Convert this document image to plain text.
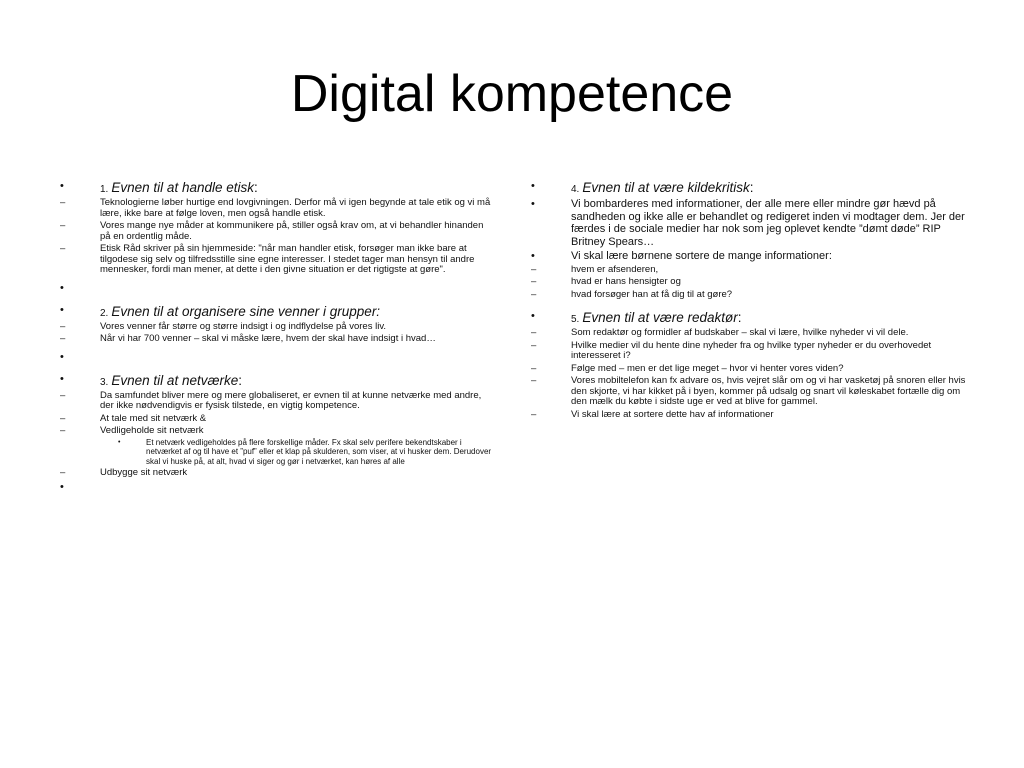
Digital kompetence
•	1. Evnen til at handle etisk:
–	Teknologierne løber hurtige end lovgivningen. Derfor må vi igen begynde at tale etik og vi må lære, ikke bare at følge loven, men også handle etisk.
–	Vores mange nye måder at kommunikere på, stiller også krav om, at vi behandler hinanden på en ordentlig måde.
–	Etisk Råd skriver på sin hjemmeside: "når man handler etisk, forsøger man ikke bare at tilgodese sig selv og tilfredsstille sine egne interesser. I stedet tager man hensyn til andre mennesker, fordi man mener, at dette i den givne situation er det rigtigste at gøre".
•

•	2. Evnen til at organisere sine venner i grupper:
–	Vores venner får større og større indsigt i og indflydelse på vores liv.
–	Når vi har 700 venner – skal vi måske lære, hvem der skal have indsigt i hvad…
•

•	3. Evnen til at netværke:
–	Da samfundet bliver mere og mere globaliseret, er evnen til at kunne netværke med andre, der ikke nødvendigvis er fysisk tilstede, en vigtig kompetence.
–	At tale med sit netværk &
–	Vedligeholde sit netværk
•	Et netværk vedligeholdes på flere forskellige måder. Fx skal selv perifere bekendtskaber i netværket af og til have et ”puf” eller et klap på skulderen, som viser, at vi husker dem. Derudover skal vi huske på, at alt, hvad vi siger og gør i netværket, kan høres af alle
–	Udbygge sit netværk
•

•	4. Evnen til at være kildekritisk:
•	Vi bombarderes med informationer, der alle mere eller mindre gør hævd på sandheden og ikke alle er behandlet og redigeret inden vi modtager dem. Jer der færdes i de sociale medier har nok som jeg oplevet kendte ”dømt døde” RIP Britney Spears…
•	Vi skal lære børnene sortere de mange informationer:
–	hvem er afsenderen,
–	hvad er hans hensigter og
–	hvad forsøger han at få dig til at gøre?
•	5. Evnen til at være redaktør:
–	Som redaktør og formidler af budskaber – skal vi lære, hvilke nyheder vi vil dele.
–	Hvilke medier vil du hente dine nyheder fra og hvilke typer nyheder er du overhovedet interesseret i?
–	Følge med – men er det lige meget – hvor vi henter vores viden?
–	Vores mobiltelefon kan fx advare os, hvis vejret slår om og vi har vasketøj på snoren eller hvis den skjorte, vi har kikket på i byen, kommer på udsalg og snart vil køleskabet fortælle dig om den mælk du købte i sidste uge er ved at blive for gammel.
–	Vi skal lære at sortere dette hav af informationer
